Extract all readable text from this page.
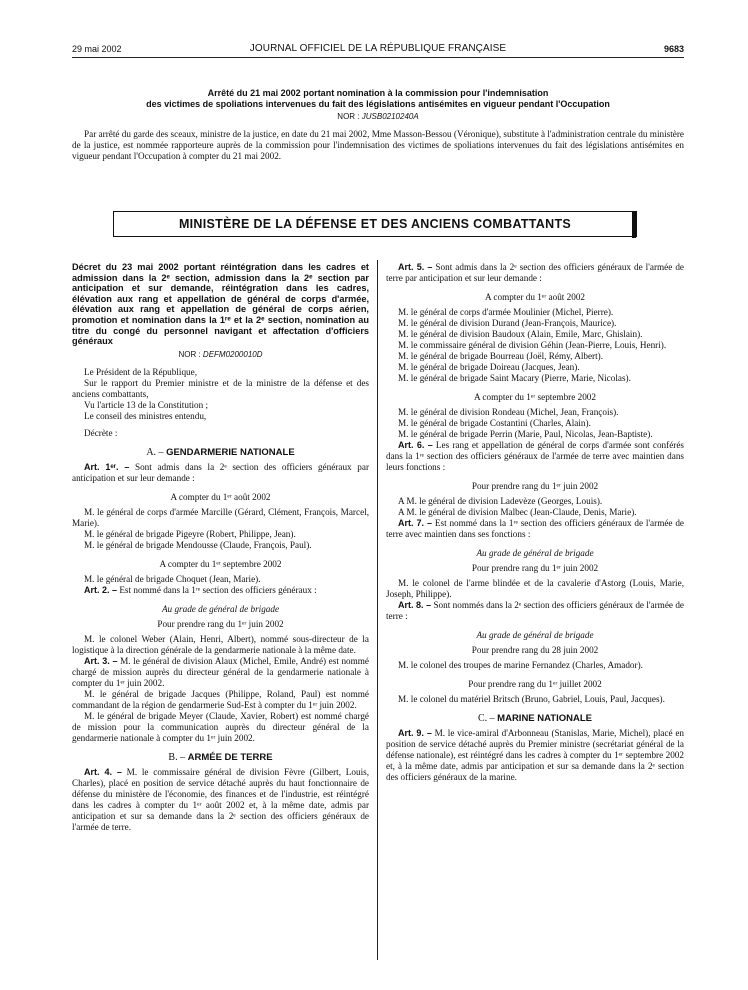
29 mai 2002	JOURNAL OFFICIEL DE LA RÉPUBLIQUE FRANÇAISE	9683
Arrêté du 21 mai 2002 portant nomination à la commission pour l'indemnisation
des victimes de spoliations intervenues du fait des législations antisémites en vigueur pendant l'Occupation
NOR : JUSB0210240A
Par arrêté du garde des sceaux, ministre de la justice, en date du 21 mai 2002, Mme Masson-Bessou (Véronique), substitute à l'administration centrale du ministère de la justice, est nommée rapporteure auprès de la commission pour l'indemnisation des victimes de spoliations intervenues du fait des législations antisémites en vigueur pendant l'Occupation à compter du 21 mai 2002.
MINISTÈRE DE LA DÉFENSE ET DES ANCIENS COMBATTANTS
Décret du 23 mai 2002 portant réintégration dans les cadres et admission dans la 2ᵉ section, admission dans la 2ᵉ section par anticipation et sur demande, réintégration dans les cadres, élévation aux rang et appellation de général de corps d'armée, élévation aux rang et appellation de général de corps aérien, promotion et nomination dans la 1ʳᵉ et la 2ᵉ section, nomination au titre du congé du personnel navigant et affectation d'officiers généraux
NOR : DEFM0200010D
Le Président de la République,
Sur le rapport du Premier ministre et de la ministre de la défense et des anciens combattants,
Vu l'article 13 de la Constitution ;
Le conseil des ministres entendu,
Décrète :
A. – GENDARMERIE NATIONALE
Art. 1ᵉʳ. – Sont admis dans la 2ᵉ section des officiers généraux par anticipation et sur leur demande :
A compter du 1ᵉʳ août 2002
M. le général de corps d'armée Marcille (Gérard, Clément, François, Marcel, Marie).
M. le général de brigade Pigeyre (Robert, Philippe, Jean).
M. le général de brigade Mendousse (Claude, François, Paul).
A compter du 1ᵉʳ septembre 2002
M. le général de brigade Choquet (Jean, Marie).
Art. 2. – Est nommé dans la 1ʳᵉ section des officiers généraux :
Au grade de général de brigade
Pour prendre rang du 1ᵉʳ juin 2002
M. le colonel Weber (Alain, Henri, Albert), nommé sous-directeur de la logistique à la direction générale de la gendarmerie nationale à la même date.
Art. 3. – M. le général de division Alaux (Michel, Emile, André) est nommé chargé de mission auprès du directeur général de la gendarmerie nationale à compter du 1ᵉʳ juin 2002.
M. le général de brigade Jacques (Philippe, Roland, Paul) est nommé commandant de la région de gendarmerie Sud-Est à compter du 1ᵉʳ juin 2002.
M. le général de brigade Meyer (Claude, Xavier, Robert) est nommé chargé de mission pour la communication auprès du directeur général de la gendarmerie nationale à compter du 1ᵉʳ juin 2002.
B. – ARMÉE DE TERRE
Art. 4. – M. le commissaire général de division Fèvre (Gilbert, Louis, Charles), placé en position de service détaché auprès du haut fonctionnaire de défense du ministère de l'économie, des finances et de l'industrie, est réintégré dans les cadres à compter du 1ᵉʳ août 2002 et, à la même date, admis par anticipation et sur sa demande dans la 2ᵉ section des officiers généraux de l'armée de terre.
Art. 5. – Sont admis dans la 2ᵉ section des officiers généraux de l'armée de terre par anticipation et sur leur demande :
A compter du 1ᵉʳ août 2002
M. le général de corps d'armée Moulinier (Michel, Pierre).
M. le général de division Durand (Jean-François, Maurice).
M. le général de division Baudoux (Alain, Emile, Marc, Ghislain).
M. le commissaire général de division Géhin (Jean-Pierre, Louis, Henri).
M. le général de brigade Bourreau (Joël, Rémy, Albert).
M. le général de brigade Doireau (Jacques, Jean).
M. le général de brigade Saint Macary (Pierre, Marie, Nicolas).
A compter du 1ᵉʳ septembre 2002
M. le général de division Rondeau (Michel, Jean, François).
M. le général de brigade Costantini (Charles, Alain).
M. le général de brigade Perrin (Marie, Paul, Nicolas, Jean-Baptiste).
Art. 6. – Les rang et appellation de général de corps d'armée sont conférés dans la 1ʳᵉ section des officiers généraux de l'armée de terre avec maintien dans leurs fonctions :
Pour prendre rang du 1ᵉʳ juin 2002
A M. le général de division Ladevèze (Georges, Louis).
A M. le général de division Malbec (Jean-Claude, Denis, Marie).
Art. 7. – Est nommé dans la 1ʳᵉ section des officiers généraux de l'armée de terre avec maintien dans ses fonctions :
Au grade de général de brigade
Pour prendre rang du 1ᵉʳ juin 2002
M. le colonel de l'arme blindée et de la cavalerie d'Astorg (Louis, Marie, Joseph, Philippe).
Art. 8. – Sont nommés dans la 2ᵉ section des officiers généraux de l'armée de terre :
Au grade de général de brigade
Pour prendre rang du 28 juin 2002
M. le colonel des troupes de marine Fernandez (Charles, Amador).
Pour prendre rang du 1ᵉʳ juillet 2002
M. le colonel du matériel Britsch (Bruno, Gabriel, Louis, Paul, Jacques).
C. – MARINE NATIONALE
Art. 9. – M. le vice-amiral d'Arbonneau (Stanislas, Marie, Michel), placé en position de service détaché auprès du Premier ministre (secrétariat général de la défense nationale), est réintégré dans les cadres à compter du 1ᵉʳ septembre 2002 et, à la même date, admis par anticipation et sur sa demande dans la 2ᵉ section des officiers généraux de la marine.
